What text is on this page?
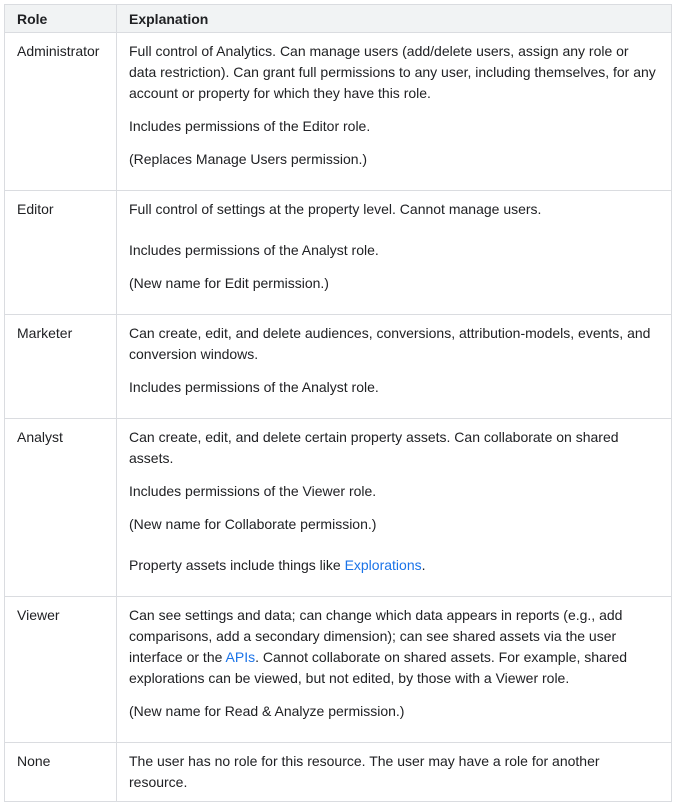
Role	Explanation
Administrator	Full control of Analytics. Can manage users (add/delete users, assign any role or data restriction). Can grant full permissions to any user, including themselves, for any account or property for which they have this role.

Includes permissions of the Editor role.

(Replaces Manage Users permission.)

Editor	Full control of settings at the property level. Cannot manage users.

Includes permissions of the Analyst role.

(New name for Edit permission.)

Marketer	Can create, edit, and delete audiences, conversions, attribution-models, events, and conversion windows.

Includes permissions of the Analyst role.

Analyst	Can create, edit, and delete certain property assets. Can collaborate on shared assets.

Includes permissions of the Viewer role.

(New name for Collaborate permission.)

Property assets include things like Explorations.

Viewer	Can see settings and data; can change which data appears in reports (e.g., add comparisons, add a secondary dimension); can see shared assets via the user interface or the APIs. Cannot collaborate on shared assets. For example, shared explorations can be viewed, but not edited, by those with a Viewer role.

(New name for Read & Analyze permission.)

None	The user has no role for this resource. The user may have a role for another resource.
